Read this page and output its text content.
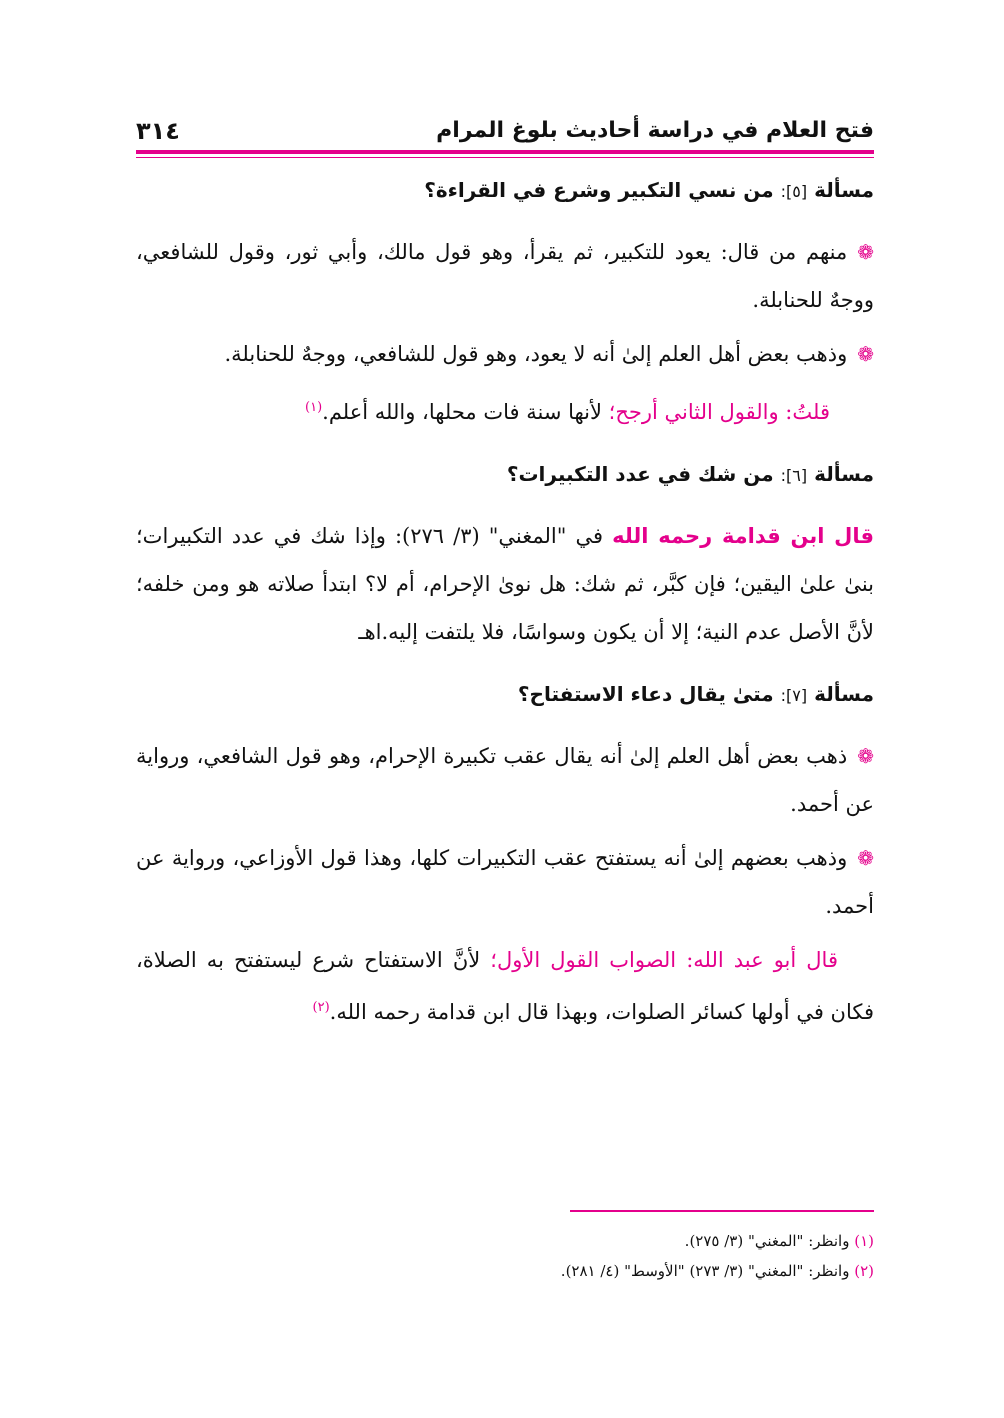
فتح العلام في دراسة أحاديث بلوغ المرام
٣١٤
مسألة [٥]: من نسي التكبير وشرع في القراءة؟

❁منهم من قال: يعود للتكبير، ثم يقرأ، وهو قول مالك، وأبي ثور، وقول للشافعي، ووجهٌ للحنابلة.

❁وذهب بعض أهل العلم إلىٰ أنه لا يعود، وهو قول للشافعي، ووجهٌ للحنابلة.

قلتُ: والقول الثاني أرجح؛ لأنها سنة فات محلها، والله أعلم.$^{(١)}$

مسألة [٦]: من شك في عدد التكبيرات؟

قال ابن قدامة رحمه الله في "المغني" (٣/ ٢٧٦): وإذا شك في عدد التكبيرات؛ بنىٰ علىٰ اليقين؛ فإن كبَّر، ثم شك: هل نوىٰ الإحرام، أم لا؟ ابتدأ صلاته هو ومن خلفه؛ لأنَّ الأصل عدم النية؛ إلا أن يكون وسواسًا، فلا يلتفت إليه.اهـ

مسألة [٧]: متىٰ يقال دعاء الاستفتاح؟

❁ذهب بعض أهل العلم إلىٰ أنه يقال عقب تكبيرة الإحرام، وهو قول الشافعي، ورواية عن أحمد.

❁وذهب بعضهم إلىٰ أنه يستفتح عقب التكبيرات كلها، وهذا قول الأوزاعي، ورواية عن أحمد.

قال أبو عبد الله: الصواب القول الأول؛ لأنَّ الاستفتاح شرع ليستفتح به الصلاة، فكان في أولها كسائر الصلوات، وبهذا قال ابن قدامة رحمه الله.$^{(٢)}$

(١) وانظر: "المغني" (٣/ ٢٧٥).
(٢) وانظر: "المغني" (٣/ ٢٧٣) "الأوسط" (٤/ ٢٨١).
